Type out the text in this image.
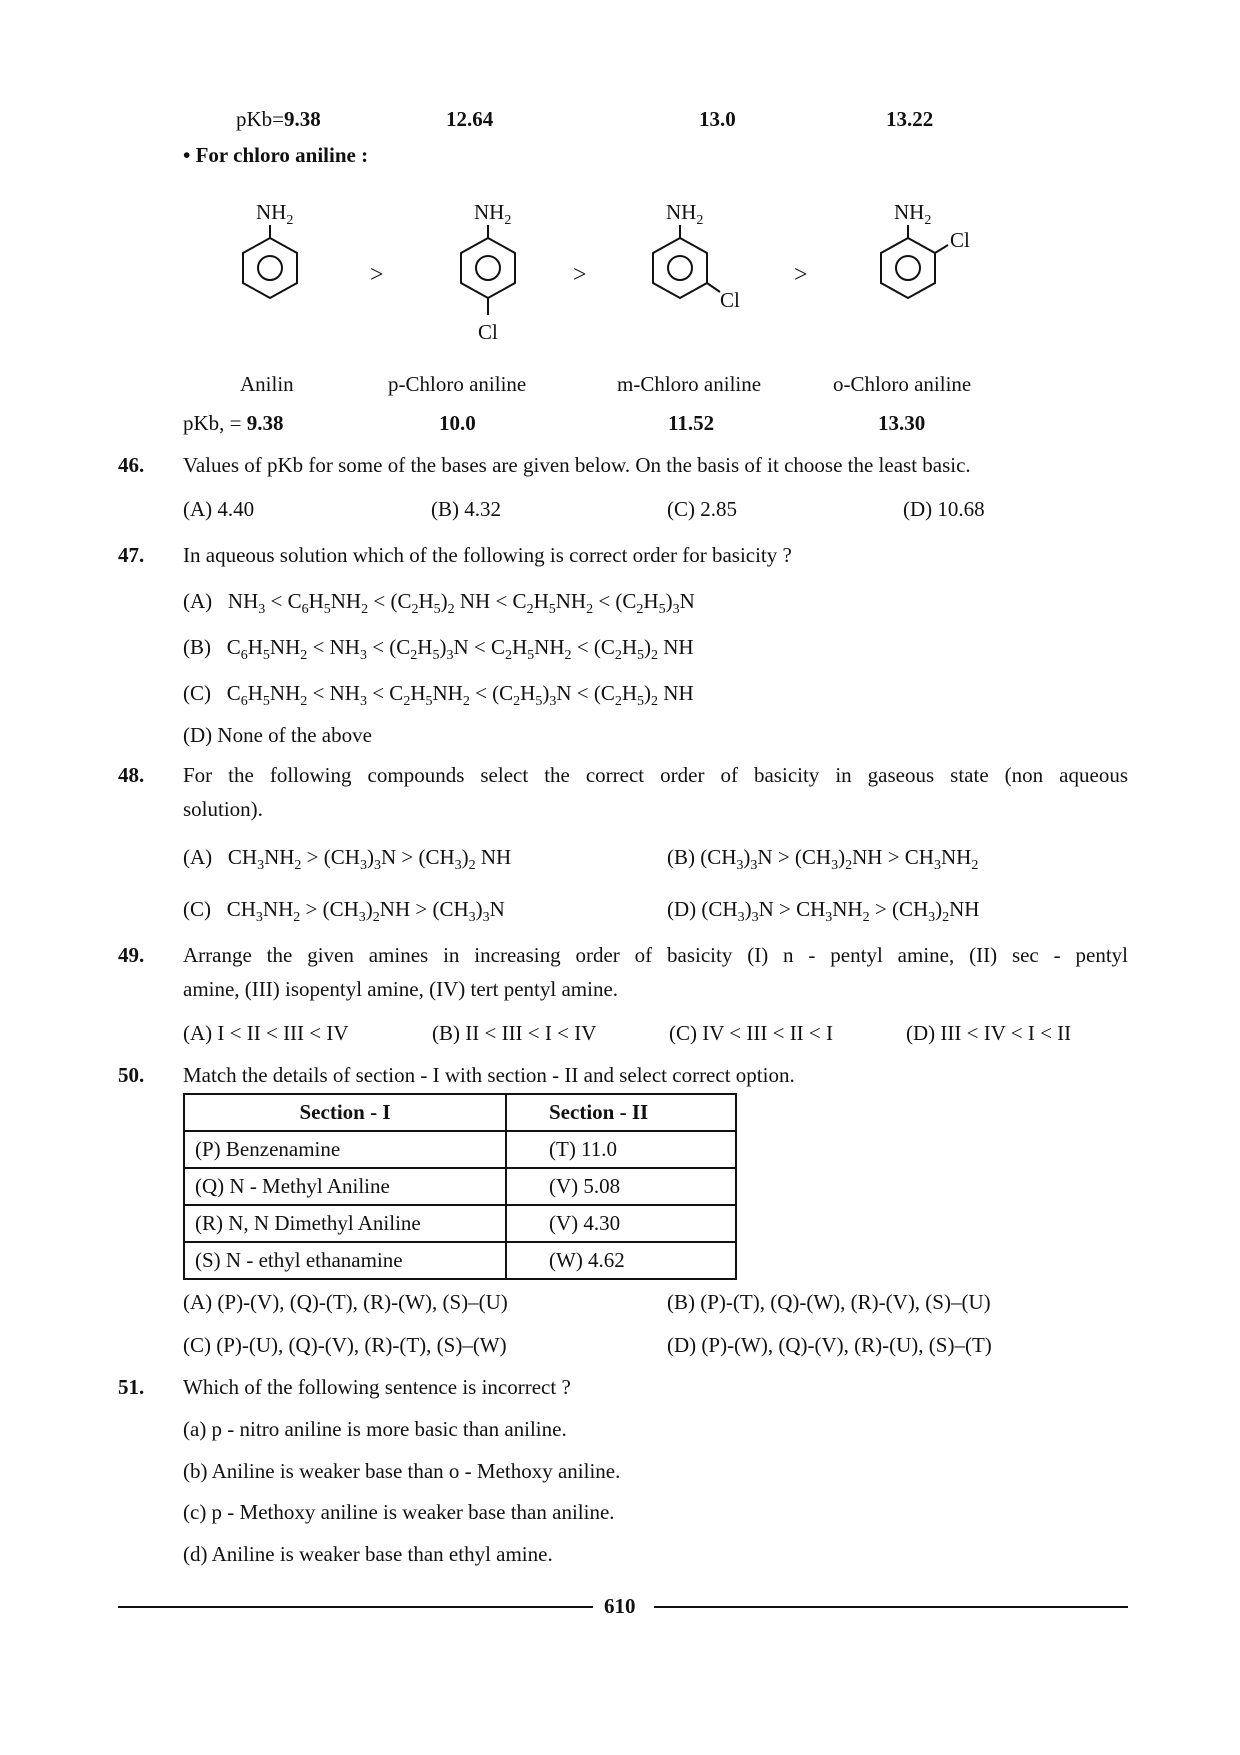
pKb=9.38	12.64	13.0	13.22
• For chloro aniline :
$NH_2$
>
$NH_2$
Cl
>
$NH_2$
Cl
>
$NH_2$
Cl
Anilin	p-Chloro aniline	m-Chloro aniline	o-Chloro aniline
pKb, = 9.38	10.0	11.52	13.30
46. Values of pKb for some of the bases are given below. On the basis of it choose the least basic.
(A) 4.40	(B) 4.32	(C) 2.85	(D) 10.68
47. In aqueous solution which of the following is correct order for basicity ?
(A)   $NH_3 < C_6H_5NH_2 < (C_2H_5)_2$ NH < $C_2H_5NH_2 < (C_2H_5)_3N$
(B)   $C_6H_5NH_2 < NH_3 < (C_2H_5)_3N < C_2H_5NH_2 < (C_2H_5)_2$ NH
(C)   $C_6H_5NH_2 < NH_3 < C_2H_5NH_2 < (C_2H_5)_3N < (C_2H_5)_2$ NH
(D) None of the above
48. For the following compounds select the correct order of basicity in gaseous state (non aqueous
solution).
(A)   $CH_3NH_2 > (CH_3)_3N > (CH_3)_2$ NH	(B) $(CH_3)_3N > (CH_3)_2NH > CH_3NH_2$
(C)   $CH_3NH_2 > (CH_3)_2NH > (CH_3)_3N$	(D) $(CH_3)_3N > CH_3NH_2 > (CH_3)_2NH$
49. Arrange the given amines in increasing order of basicity (I) n - pentyl amine, (II) sec - pentyl
amine, (III) isopentyl amine, (IV) tert pentyl amine.
(A) I < II < III < IV	(B) II < III < I < IV	(C) IV < III < II < I	(D) III < IV < I < II
50. Match the details of section - I with section - II and select correct option.
Section - I	Section - II
(P) Benzenamine	(T) 11.0
(Q) N - Methyl Aniline	(V) 5.08
(R) N, N Dimethyl Aniline	(V) 4.30
(S) N - ethyl ethanamine	(W) 4.62
(A) (P)-(V), (Q)-(T), (R)-(W), (S)–(U)	(B) (P)-(T), (Q)-(W), (R)-(V), (S)–(U)
(C) (P)-(U), (Q)-(V), (R)-(T), (S)–(W)	(D) (P)-(W), (Q)-(V), (R)-(U), (S)–(T)
51. Which of the following sentence is incorrect ?
(a) p - nitro aniline is more basic than aniline.
(b) Aniline is weaker base than o - Methoxy aniline.
(c) p - Methoxy aniline is weaker base than aniline.
(d) Aniline is weaker base than ethyl amine.
610
